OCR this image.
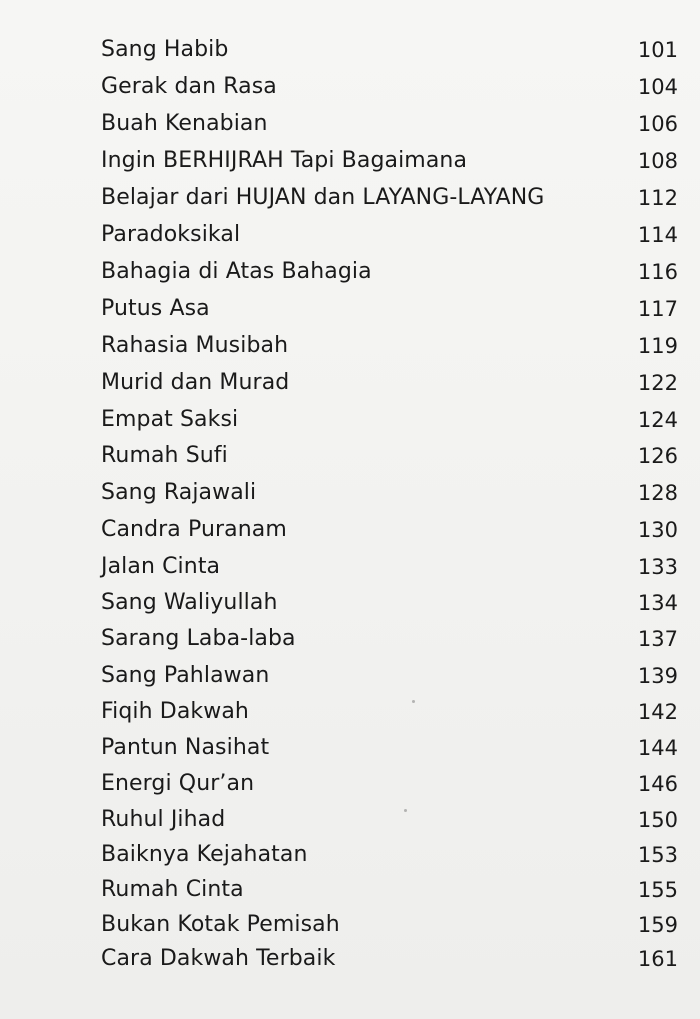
Sang Habib	101
Gerak dan Rasa	104
Buah Kenabian	106
Ingin BERHIJRAH Tapi Bagaimana	108
Belajar dari HUJAN dan LAYANG-LAYANG	112
Paradoksikal	114
Bahagia di Atas Bahagia	116
Putus Asa	117
Rahasia Musibah	119
Murid dan Murad	122
Empat Saksi	124
Rumah Sufi	126
Sang Rajawali	128
Candra Puranam	130
Jalan Cinta	133
Sang Waliyullah	134
Sarang Laba-laba	137
Sang Pahlawan	139
Fiqih Dakwah	142
Pantun Nasihat	144
Energi Qur’an	146
Ruhul Jihad	150
Baiknya Kejahatan	153
Rumah Cinta	155
Bukan Kotak Pemisah	159
Cara Dakwah Terbaik	161
